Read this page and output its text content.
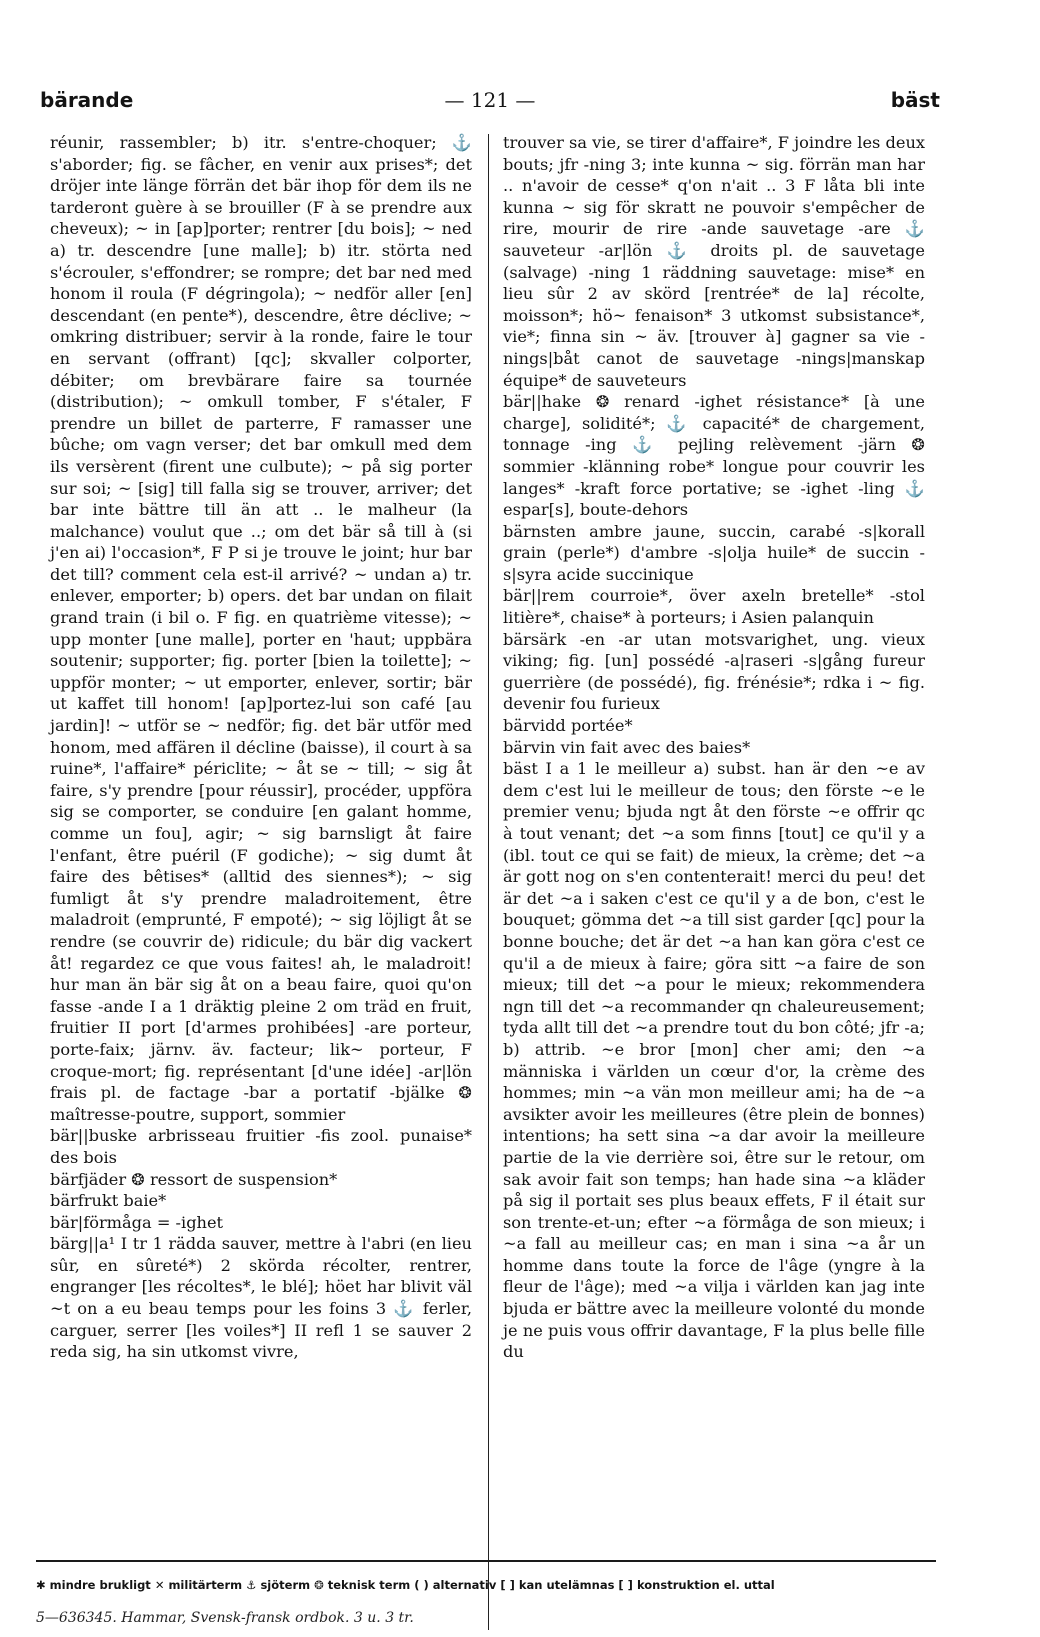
bärande	— 121 —	bäst

réunir, rassembler; b) itr. s'entre-choquer; ⚓ s'aborder; fig. se fâcher, en venir aux prises*; det dröjer inte länge förrän det bär ihop för dem ils ne tarderont guère à se brouiller (F à se prendre aux cheveux); ~ in [ap]porter; rentrer [du bois]; ~ ned a) tr. descendre [une malle]; b) itr. störta ned s'écrouler, s'effondrer; se rompre; det bar ned med honom il roula (F dégringola); ~ nedför aller [en] descendant (en pente*), descendre, être déclive; ~ omkring distribuer; servir à la ronde, faire le tour en servant (offrant) [qc]; skvaller colporter, débiter; om brevbärare faire sa tournée (distribution); ~ omkull tomber, F s'étaler, F prendre un billet de parterre, F ramasser une bûche; om vagn verser; det bar omkull med dem ils versèrent (firent une culbute); ~ på sig porter sur soi; ~ [sig] till falla sig se trouver, arriver; det bar inte bättre till än att .. le malheur (la malchance) voulut que ..; om det bär så till à (si j'en ai) l'occasion*, F P si je trouve le joint; hur bar det till? comment cela est-il arrivé? ~ undan a) tr. enlever, emporter; b) opers. det bar undan on filait grand train (i bil o. F fig. en quatrième vitesse); ~ upp monter [une malle], porter en 'haut; uppbära soutenir; supporter; fig. porter [bien la toilette]; ~ uppför monter; ~ ut emporter, enlever, sortir; bär ut kaffet till honom! [ap]portez-lui son café [au jardin]! ~ utför se ~ nedför; fig. det bär utför med honom, med affären il décline (baisse), il court à sa ruine*, l'affaire* périclite; ~ åt se ~ till; ~ sig åt faire, s'y prendre [pour réussir], procéder, uppföra sig se comporter, se conduire [en galant homme, comme un fou], agir; ~ sig barnsligt åt faire l'enfant, être puéril (F godiche); ~ sig dumt åt faire des bêtises* (alltid des siennes*); ~ sig fumligt åt s'y prendre maladroitement, être maladroit (emprunté, F empoté); ~ sig löjligt åt se rendre (se couvrir de) ridicule; du bär dig vackert åt! regardez ce que vous faites! ah, le maladroit! hur man än bär sig åt on a beau faire, quoi qu'on fasse -ande I a 1 dräktig pleine 2 om träd en fruit, fruitier II port [d'armes prohibées] -are porteur, porte-faix; järnv. äv. facteur; lik~ porteur, F croque-mort; fig. représentant [d'une idée] -ar|lön frais pl. de factage -bar a portatif -bjälke ❂ maîtresse-poutre, support, sommier

bär||buske arbrisseau fruitier -fis zool. punaise* des bois

bärfjäder ❂ ressort de suspension*

bärfrukt baie*

bär|förmåga = -ighet

bärg||a¹ I tr 1 rädda sauver, mettre à l'abri (en lieu sûr, en sûreté*) 2 skörda récolter, rentrer, engranger [les récoltes*, le blé]; höet har blivit väl ~t on a eu beau temps pour les foins 3 ⚓ ferler, carguer, serrer [les voiles*] II refl 1 se sauver 2 reda sig, ha sin utkomst vivre,

trouver sa vie, se tirer d'affaire*, F joindre les deux bouts; jfr -ning 3; inte kunna ~ sig. förrän man har .. n'avoir de cesse* q'on n'ait .. 3 F låta bli inte kunna ~ sig för skratt ne pouvoir s'empêcher de rire, mourir de rire -ande sauvetage -are ⚓ sauveteur -ar|lön ⚓ droits pl. de sauvetage (salvage) -ning 1 räddning sauvetage: mise* en lieu sûr 2 av skörd [rentrée* de la] récolte, moisson*; hö~ fenaison* 3 utkomst subsistance*, vie*; finna sin ~ äv. [trouver à] gagner sa vie -nings|båt canot de sauvetage -nings|manskap équipe* de sauveteurs

bär||hake ❂ renard -ighet résistance* [à une charge], solidité*; ⚓ capacité* de chargement, tonnage -ing ⚓ pejling relèvement -järn ❂ sommier -klänning robe* longue pour couvrir les langes* -kraft force portative; se -ighet -ling ⚓ espar[s], boute-dehors

bärnsten ambre jaune, succin, carabé -s|korall grain (perle*) d'ambre -s|olja huile* de succin -s|syra acide succinique

bär||rem courroie*, över axeln bretelle* -stol litière*, chaise* à porteurs; i Asien palanquin

bärsärk -en -ar utan motsvarighet, ung. vieux viking; fig. [un] possédé -a|raseri -s|gång fureur guerrière (de possédé), fig. frénésie*; rdka i ~ fig. devenir fou furieux

bärvidd portée*

bärvin vin fait avec des baies*

bäst I a 1 le meilleur a) subst. han är den ~e av dem c'est lui le meilleur de tous; den förste ~e le premier venu; bjuda ngt åt den förste ~e offrir qc à tout venant; det ~a som finns [tout] ce qu'il y a (ibl. tout ce qui se fait) de mieux, la crème; det ~a är gott nog on s'en contenterait! merci du peu! det är det ~a i saken c'est ce qu'il y a de bon, c'est le bouquet; gömma det ~a till sist garder [qc] pour la bonne bouche; det är det ~a han kan göra c'est ce qu'il a de mieux à faire; göra sitt ~a faire de son mieux; till det ~a pour le mieux; rekommendera ngn till det ~a recommander qn chaleureusement; tyda allt till det ~a prendre tout du bon côté; jfr -a; b) attrib. ~e bror [mon] cher ami; den ~a människa i världen un cœur d'or, la crème des hommes; min ~a vän mon meilleur ami; ha de ~a avsikter avoir les meilleures (être plein de bonnes) intentions; ha sett sina ~a dar avoir la meilleure partie de la vie derrière soi, être sur le retour, om sak avoir fait son temps; han hade sina ~a kläder på sig il portait ses plus beaux effets, F il était sur son trente-et-un; efter ~a förmåga de son mieux; i ~a fall au meilleur cas; en man i sina ~a år un homme dans toute la force de l'âge (yngre à la fleur de l'âge); med ~a vilja i världen kan jag inte bjuda er bättre avec la meilleure volonté du monde je ne puis vous offrir davantage, F la plus belle fille du

✱ mindre brukligt ✕ militärterm ⚓ sjöterm ❂ teknisk term ( ) alternativ [ ] kan utelämnas [ ] konstruktion el. uttal
5—636345. Hammar, Svensk-fransk ordbok. 3 u. 3 tr.
